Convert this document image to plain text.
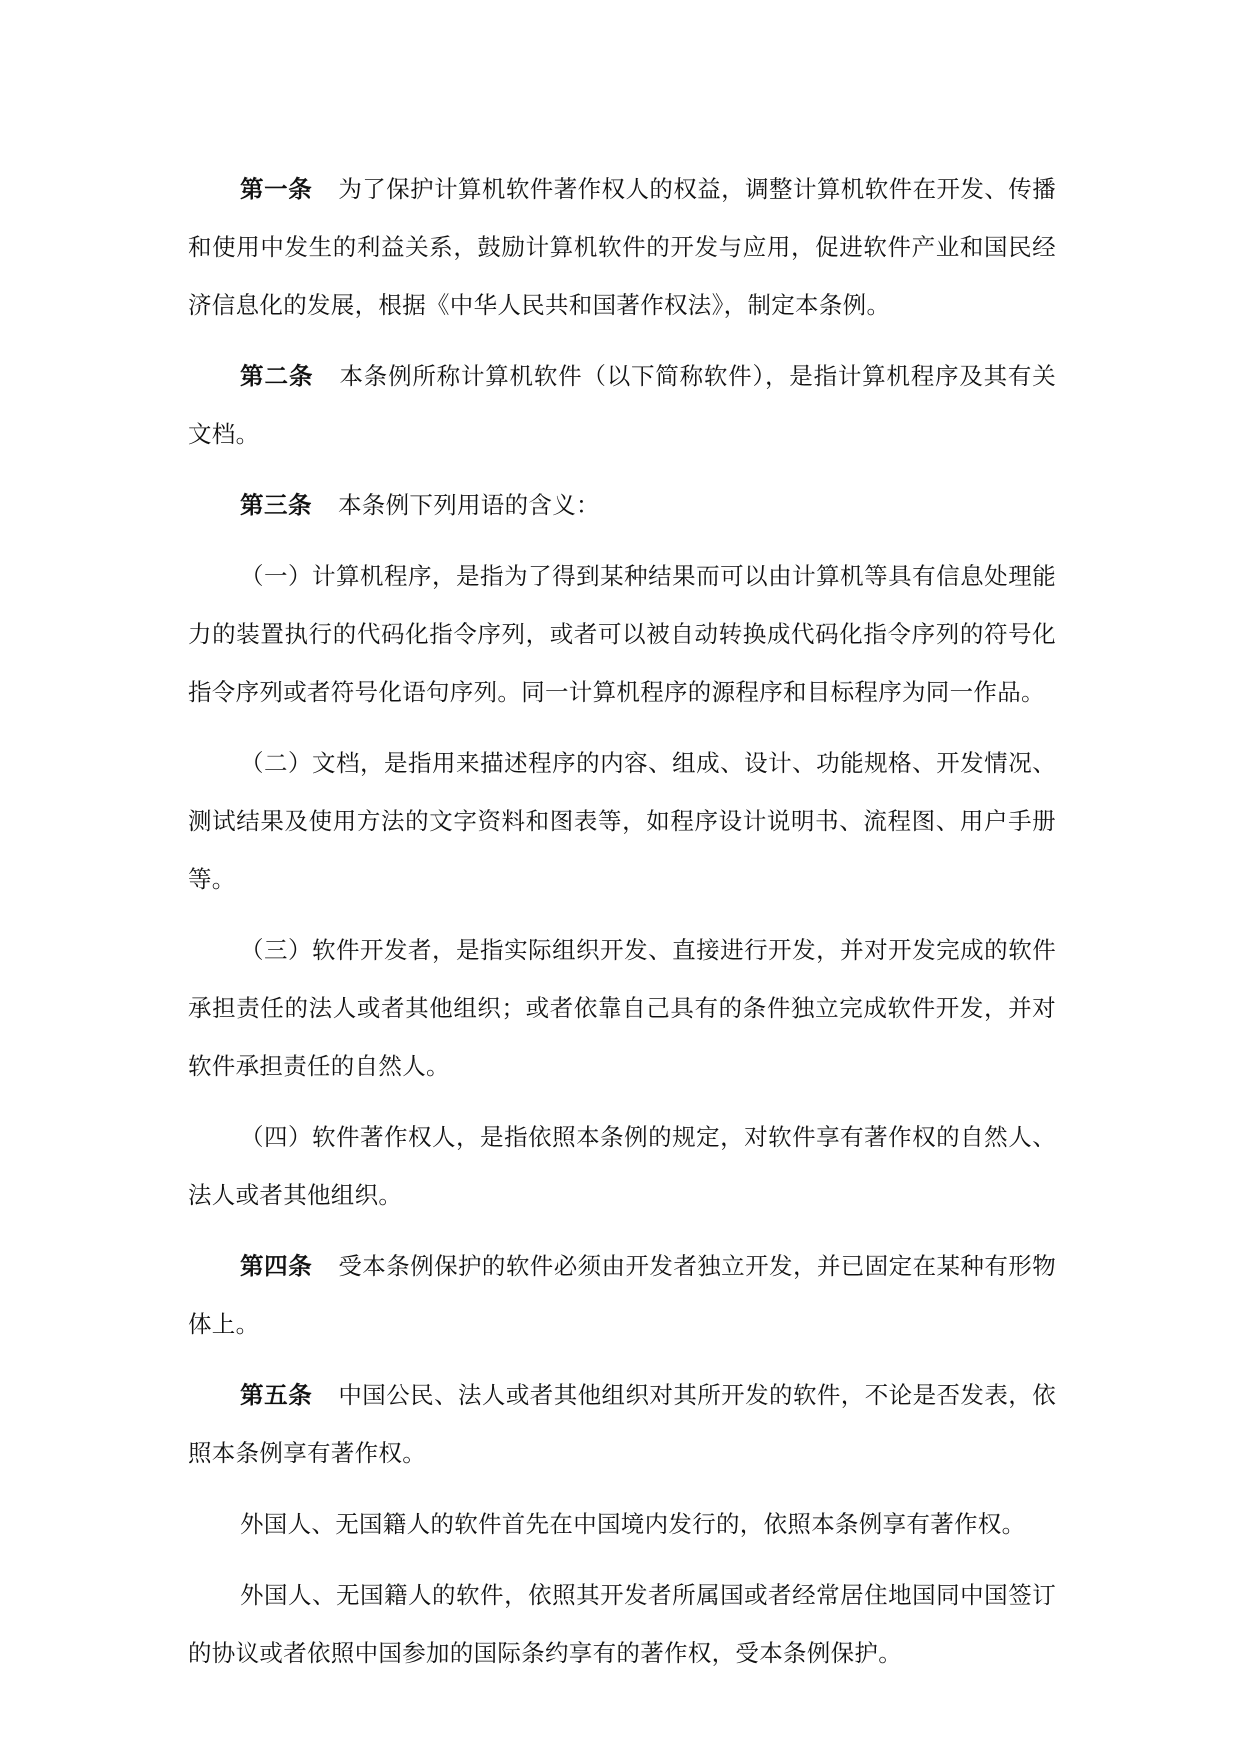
第一条 为了保护计算机软件著作权人的权益，调整计算机软件在开发、传播和使用中发生的利益关系，鼓励计算机软件的开发与应用，促进软件产业和国民经济信息化的发展，根据《中华人民共和国著作权法》，制定本条例。

第二条 本条例所称计算机软件（以下简称软件），是指计算机程序及其有关文档。

第三条 本条例下列用语的含义：

（一）计算机程序，是指为了得到某种结果而可以由计算机等具有信息处理能力的装置执行的代码化指令序列，或者可以被自动转换成代码化指令序列的符号化指令序列或者符号化语句序列。同一计算机程序的源程序和目标程序为同一作品。

（二）文档，是指用来描述程序的内容、组成、设计、功能规格、开发情况、测试结果及使用方法的文字资料和图表等，如程序设计说明书、流程图、用户手册等。

（三）软件开发者，是指实际组织开发、直接进行开发，并对开发完成的软件承担责任的法人或者其他组织；或者依靠自己具有的条件独立完成软件开发，并对软件承担责任的自然人。

（四）软件著作权人，是指依照本条例的规定，对软件享有著作权的自然人、法人或者其他组织。

第四条 受本条例保护的软件必须由开发者独立开发，并已固定在某种有形物体上。

第五条 中国公民、法人或者其他组织对其所开发的软件，不论是否发表，依照本条例享有著作权。

外国人、无国籍人的软件首先在中国境内发行的，依照本条例享有著作权。

外国人、无国籍人的软件，依照其开发者所属国或者经常居住地国同中国签订的协议或者依照中国参加的国际条约享有的著作权，受本条例保护。
